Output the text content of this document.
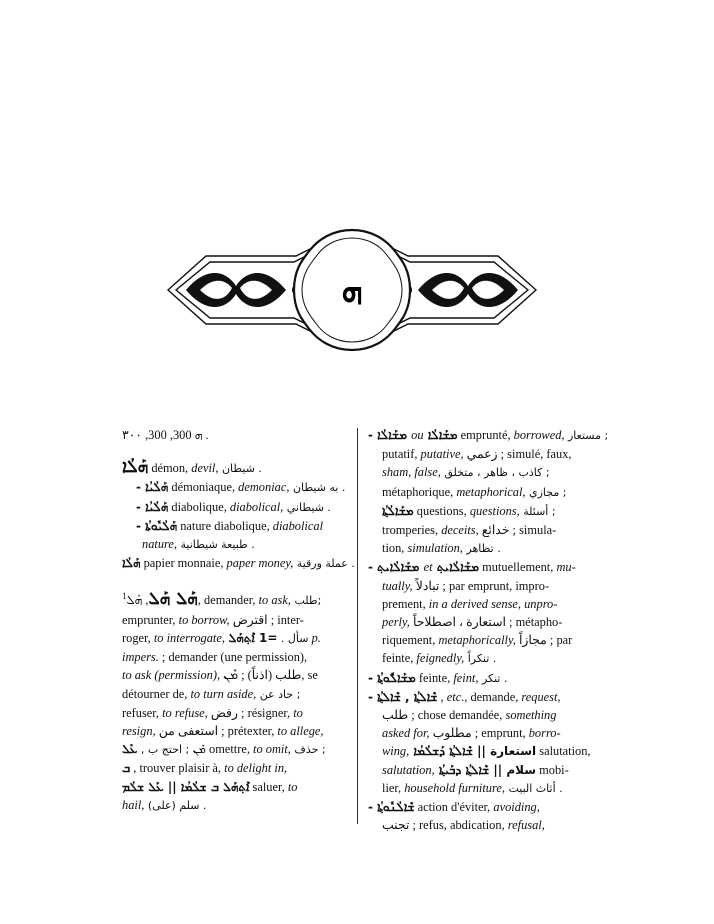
ܗ
ܗ 300, 300, ٣٠٠ .
ܗܰܠܳܐ démon, devil, شيطان .
- ܗܰܠܳܝܳܐ démoniaque, demoniac, به شيطان .
- ܗܰܠܳܝܳܐ diabolique, diabolical, شيطاني .
- ܗܰܠܳܝܽܘܬܳܐ nature diabolique, diabolical
nature, طبيعة شيطانية .
ܗܰܠܳܐ papier monnaie, paper money, عملة ورقية .
$^1$ ܗܰܠ ܗܰܠ, ܗܰܠ, demander, to ask, طلب;
emprunter, to borrow, اقترض ; inter-
roger, to interrogate, سأل . =1 ܐܶܬ݂ܗܰܠ	p.
impers. ; demander (une permission),
to ask (permission), طلب (اذناً) ; ܡܶܢ, se
détourner de, to turn aside, حاد عن ;
refuser, to refuse, رفض ; résigner, to
resign, استعفى من ; prétexter, to allege,
ܡܶܢ ; احتج ب , ܥܰܠ	omettre, to omit, حذف ;
ܒ , trouver plaisir à, to delight in,
ܐܶܬ݂ܗܰܠ ܒ ܫܠܳܡܳܐ || ܥܰܠ ܫܠܳܡ	saluer, to
hail, سلم (على) .
- ܡܫܰܐܠܳܐ ou ܡܫܰܐܠܳܐ emprunté, borrowed, مستعار ;
putatif, putative, زعمي ; simulé, faux,
sham, false, كاذب ، ظاهر ، متخلق ;
métaphorique, metaphorical, مجازي ;
ܡܫܰܐܠܳܬ݂ܳܐ questions, questions, أسئلة ;
tromperies, deceits, خدائع ; simula-
tion, simulation, تظاهر .
- ܡܫܰܐܠܳܐܝܬ݂ et ܡܫܰܐܠܳܐܝܬ݂ mutuellement, mu-
tually, تبادلاً ; par emprunt, impro-
prement, in a derived sense, unpro-
perly, استعارة ، اصطلاحاً ; métapho-
riquement, metaphorically, مجازاً ; par
feinte, feignedly, تنكراً .
- ܡܫܰܐܠܽܘܬ݂ܳܐ feinte, feint, تنكر .
- ܫܶܐܠܬ݂ܳܐ , ܫܶܐܠܬ݂ܳܐ , etc., demande, request,
طلب ; chose demandée, something
asked for, مطلوب ; emprunt, borro-
wing, استعارة || ܫܶܐܠܬ݂ܳܐ ܕܰܫܠܳܡܳܐ salutation,
salutation, سلام || ܫܶܐܠܬ݂ܳܐ ܕܒܰܝܬ݂ܳܐ mobi-
lier, household furniture, أثاث البيت .
- ܫܶܐܠܳܢܽܘܬ݂ܳܐ action d'éviter, avoiding,
تجنب ; refus, abdication, refusal,
